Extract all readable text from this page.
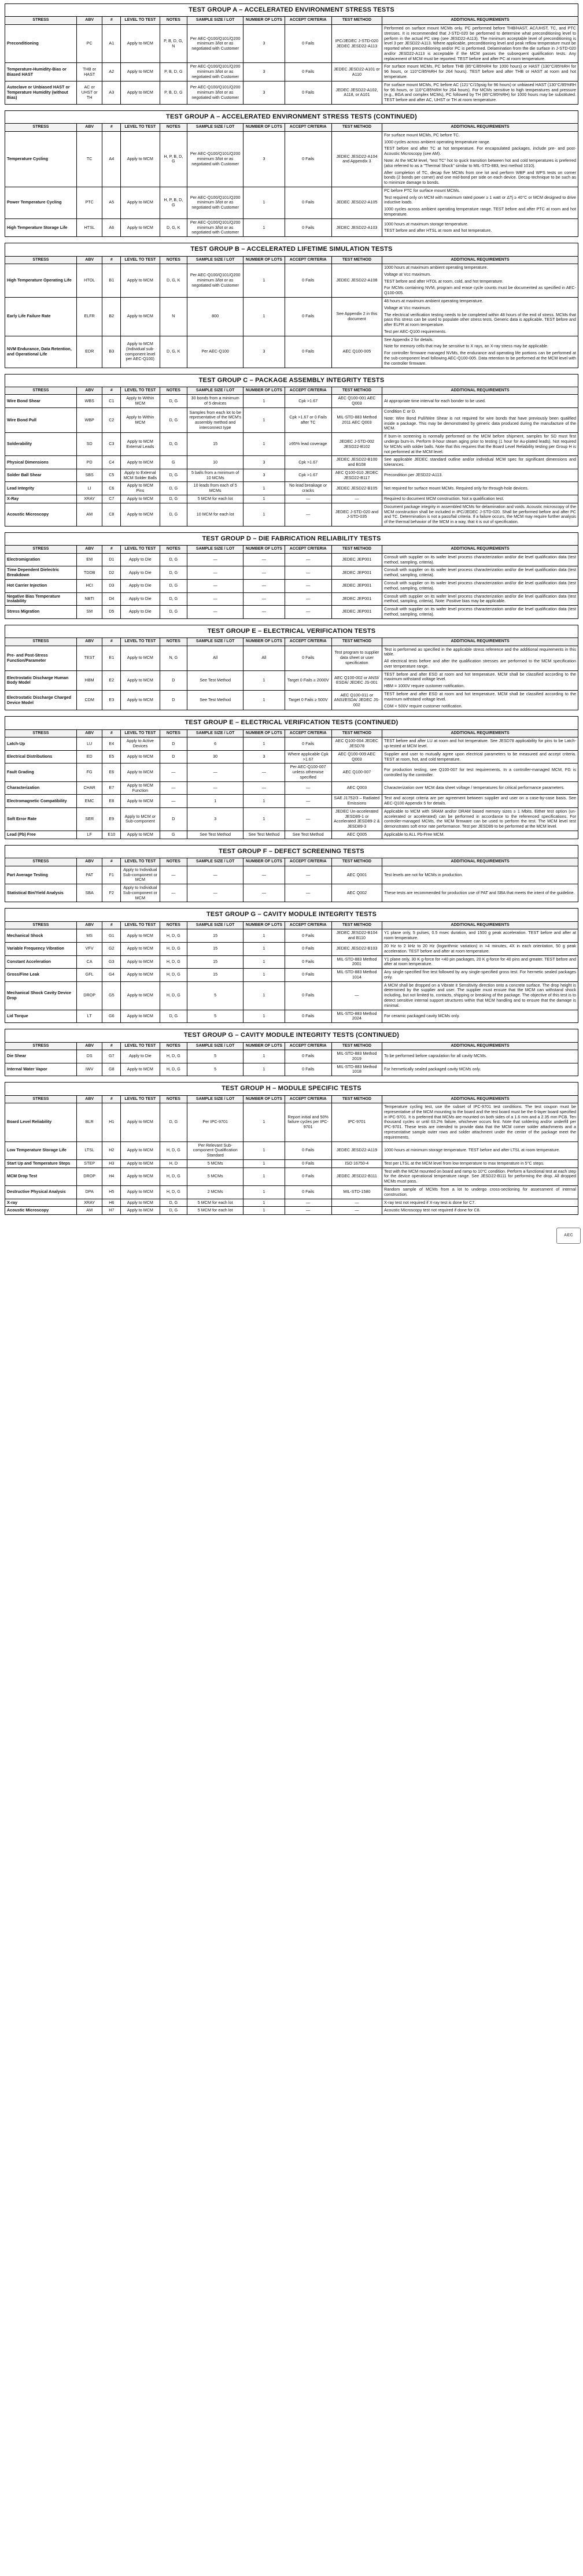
TEST GROUP A – ACCELERATED ENVIRONMENT STRESS TESTS
STRESS	ABV	#	LEVEL TO TEST	NOTES	SAMPLE SIZE / LOT	NUMBER OF LOTS	ACCEPT CRITERIA	TEST METHOD	ADDITIONAL REQUIREMENTS
Preconditioning	PC	A1	Apply to MCM	P, B, D, G, N	Per AEC-Q100/Q101/Q200 minimum 3/lot or as negotiated with Customer	3	0 Fails	IPC/JEDEC J-STD-020 JEDEC JESD22-A113	Performed on surface mount MCMs only. PC performed before THB/HAST, AC/UHST, TC, and PTC stresses. It is recommended that J-STD-020 be performed to determine what preconditioning level to perform in the actual PC step (see JESD22-A113). The minimum acceptable level of preconditioning is level 3 per JESD22-A113. Where applicable, preconditioning level and peak reflow temperature must be reported when preconditioning and/or PC is performed. Delamination from the die surface in J-STD-020 and/or JESD22-A113 is acceptable if the MCM passes the subsequent qualification tests. Any replacement of MCM must be reported. TEST before and after PC at room temperature.

Temperature-Humidity-Bias or Biased HAST	THB or HAST	A2	Apply to MCM	P, B, D, G	Per AEC-Q100/Q101/Q200 minimum 3/lot or as negotiated with Customer	3	0 Fails	JEDEC JESD22-A101 or A110	For surface mount MCMs, PC before THB (85°C/85%RH for 1000 hours) or HAST (130°C/85%RH for 96 hours, or 110°C/85%RH for 264 hours). TEST before and after THB or HAST at room and hot temperature.

Autoclave or Unbiased HAST or Temperature Humidity (without Bias)	AC or UHST or TH	A3	Apply to MCM	P, B, D, G	Per AEC-Q100/Q101/Q200 minimum 3/lot or as negotiated with Customer	3	0 Fails	JEDEC JESD22-A102, A118, or A101	For surface mount MCMs, PC before AC (121°C/15psig for 96 hours) or unbiased HAST (130°C/85%RH for 96 hours, or 110°C/85%RH for 264 hours). For MCMs sensitive to high temperatures and pressure (e.g., BGA and complex MCMs), PC followed by TH (85°C/85%RH) for 1000 hours may be substituted. TEST before and after AC, UHST or TH at room temperature.

TEST GROUP A – ACCELERATED ENVIRONMENT STRESS TESTS (CONTINUED)
STRESS	ABV	#	LEVEL TO TEST	NOTES	SAMPLE SIZE / LOT	NUMBER OF LOTS	ACCEPT CRITERIA	TEST METHOD	ADDITIONAL REQUIREMENTS
Temperature Cycling	TC	A4	Apply to MCM	H, P, B, D, G	Per AEC-Q100/Q101/Q200 minimum 3/lot or as negotiated with Customer	3	0 Fails	JEDEC JESD22-A104 and Appendix 3	For surface mount MCMs, PC before TC.

1000 cycles across ambient operating temperature range.

TEST before and after TC at hot temperature. For encapsulated packages, include pre- and post-Acoustic Microscopy (see AM).

Note: At the MCM level, "test TC" hot to quick transition between hot and cold temperatures is preferred (also referred to as a "Thermal Shock" similar to MIL-STD-883, test method 1010).

After completion of TC, decap five MCMs from one lot and perform WBP and WPS tests on corner bonds (2 bonds per corner) and one mid-bond per side on each device. Decap technique to be such as to minimize damage to bonds.

Power Temperature Cycling	PTC	A5	Apply to MCM	H, P, B, D, G	Per AEC-Q100/Q101/Q200 minimum 3/lot or as negotiated with Customer	1	0 Fails	JEDEC JESD22-A105	PC before PTC for surface mount MCMs.

Test required only on MCM with maximum rated power ≥ 1 watt or ΔTj ≥ 40°C or MCM designed to drive inductive loads.

1000 cycles across ambient operating temperature range. TEST before and after PTC at room and hot temperature.

High Temperature Storage Life	HTSL	A6	Apply to MCM	D, G, K	Per AEC-Q100/Q101/Q200 minimum 3/lot or as negotiated with Customer	1	0 Fails	JEDEC JESD22-A103	1000 hours at maximum storage temperature.

TEST before and after HTSL at room and hot temperature.

TEST GROUP B – ACCELERATED LIFETIME SIMULATION TESTS
STRESS	ABV	#	LEVEL TO TEST	NOTES	SAMPLE SIZE / LOT	NUMBER OF LOTS	ACCEPT CRITERIA	TEST METHOD	ADDITIONAL REQUIREMENTS
High Temperature Operating Life	HTOL	B1	Apply to MCM	D, G, K	Per AEC-Q100/Q101/Q200 minimum 3/lot or as negotiated with Customer	1	0 Fails	JEDEC JESD22-A108	1000 hours at maximum ambient operating temperature.

Voltage at Vcc maximum.

TEST before and after HTOL at room, cold, and hot temperature.

For MCMs containing NVM, program and erase cycle counts must be documented as specified in AEC-Q100-005.

Early Life Failure Rate	ELFR	B2	Apply to MCM	N	800	1	0 Fails	See Appendix 2 in this document	48 hours at maximum ambient operating temperature.

Voltage at Vcc maximum.

The electrical verification testing needs to be completed within 48 hours of the end of stress. MCMs that pass this stress can be used to populate other stress tests. Generic data is applicable. TEST before and after ELFR at room temperature.

Test per AEC-Q100 requirements.

NVM Endurance, Data Retention, and Operational Life	EDR	B3	Apply to MCM (Individual sub-component level per AEC-Q100)	D, G, K	Per AEC-Q100	3	0 Fails	AEC Q100-005	See Appendix 2 for details.

Note for memory cells that may be sensitive to X rays, an X-ray stress may be applicable.

For controller firmware managed NVMs, the endurance and operating life portions can be performed at the sub-component level following AEC-Q100-005. Data retention to be performed at the MCM level with the controller firmware.

TEST GROUP C – PACKAGE ASSEMBLY INTEGRITY TESTS
STRESS	ABV	#	LEVEL TO TEST	NOTES	SAMPLE SIZE / LOT	NUMBER OF LOTS	ACCEPT CRITERIA	TEST METHOD	ADDITIONAL REQUIREMENTS
Wire Bond Shear	WBS	C1	Apply to Within MCM	D, G	30 bonds from a minimum of 5 devices	1	Cpk >1.67	AEC Q100-001 AEC Q003	At appropriate time interval for each bonder to be used.

Wire Bond Pull	WBP	C2	Apply to Within MCM	D, G	Samples from each lot to be representative of the MCM's assembly method and interconnect type	1	Cpk >1.67 or 0 Fails after TC	MIL-STD-883 Method 2011 AEC Q003	Condition C or D.

Note: Wire Bond Pull/Wire Shear is not required for wire bonds that have previously been qualified inside a package. This may be demonstrated by generic data produced during the manufacture of the MCM.

Solderability	SD	C3	Apply to MCM External Leads	D, G	15	1	≥95% lead coverage	JEDEC J-STD-002 JESD22-B102	If burn-in screening is normally performed on the MCM before shipment, samples for SD must first undergo burn-in. Perform 8-hour steam aging prior to testing (1 hour for Au-plated leads). Not required for MCMs with solder balls. Note that this requires that the Board Level Reliability testing per Group H is not performed at the MCM level.

Physical Dimensions	PD	C4	Apply to MCM	G	10	3	Cpk >1.67	JEDEC JESD22-B100 and B108	See applicable JEDEC standard outline and/or individual MCM spec for significant dimensions and tolerances.

Solder Ball Shear	SBS	C5	Apply to External MCM Solder Balls	D, G	5 balls from a minimum of 10 MCMs	3	Cpk >1.67	AEC Q100-010 JEDEC JESD22-B117	Precondition per JESD22-A113.

Lead Integrity	LI	C6	Apply to MCM Pins	D, G	10 leads from each of 5 MCMs	1	No lead breakage or cracks	JEDEC JESD22-B105	Not required for surface mount MCMs. Required only for through-hole devices.

X-Ray	XRAY	C7	Apply to MCM	D, G	5 MCM for each lot	1	—	—	Required to document MCM construction. Not a qualification test.

Acoustic Microscopy	AM	C8	Apply to MCM	D, G	10 MCM for each lot	1	—	JEDEC J-STD-020 and J-STD-035	Document package integrity in assembled MCMs for delamination and voids. Acoustic microscopy of the MCM construction shall be included in IPC/JEDEC J-STD-020. Shall be performed before and after PC and TC. Determination is not a pass/fail criteria. If a failure occurs, the MCM may require further analysis of the thermal behavior of the MCM in a way, that it is out of specification.

TEST GROUP D – DIE FABRICATION RELIABILITY TESTS
STRESS	ABV	#	LEVEL TO TEST	NOTES	SAMPLE SIZE / LOT	NUMBER OF LOTS	ACCEPT CRITERIA	TEST METHOD	ADDITIONAL REQUIREMENTS
Electromigration	EM	D1	Apply to Die	D, G	—	—	—	JEDEC JEP001	Consult with supplier on its wafer level process characterization and/or die level qualification data (test method, sampling, criteria).

Time Dependent Dielectric Breakdown	TDDB	D2	Apply to Die	D, G	—	—	—	JEDEC JEP001	Consult with supplier on its wafer level process characterization and/or die level qualification data (test method, sampling, criteria).

Hot Carrier Injection	HCI	D3	Apply to Die	D, G	—	—	—	JEDEC JEP001	Consult with supplier on its wafer level process characterization and/or die level qualification data (test method, sampling, criteria).

Negative Bias Temperature Instability	NBTI	D4	Apply to Die	D, G	—	—	—	JEDEC JEP001	Consult with supplier on its wafer level process characterization and/or die level qualification data (test method, sampling, criteria). Note: Positive bias may be applicable.

Stress Migration	SM	D5	Apply to Die	D, G	—	—	—	JEDEC JEP001	Consult with supplier on its wafer level process characterization and/or die level qualification data (test method, sampling, criteria).

TEST GROUP E – ELECTRICAL VERIFICATION TESTS
STRESS	ABV	#	LEVEL TO TEST	NOTES	SAMPLE SIZE / LOT	NUMBER OF LOTS	ACCEPT CRITERIA	TEST METHOD	ADDITIONAL REQUIREMENTS
Pre- and Post-Stress Function/Parameter	TEST	E1	Apply to MCM	N, G	All	All	0 Fails	Test program to supplier data sheet or user specification	Test is performed as specified in the applicable stress reference and the additional requirements in this table.

All electrical tests before and after the qualification stresses are performed to the MCM specification over temperature range.

Electrostatic Discharge Human Body Model	HBM	E2	Apply to MCM	D	See Test Method	1	Target 0 Fails ≥ 2000V	AEC Q100-002 or ANSI/ ESDA/ JEDEC JS-001	TEST before and after ESD at room and hot temperature. MCM shall be classified according to the maximum withstand voltage level.

HBM = 1000V require customer notification.

Electrostatic Discharge Charged Device Model	CDM	E3	Apply to MCM	D	See Test Method	1	Target 0 Fails ≥ 500V	AEC Q100-011 or ANSI/ESDA/ JEDEC JS-002	TEST before and after ESD at room and hot temperature. MCM shall be classified according to the maximum withstand voltage level.

CDM < 500V require customer notification.

TEST GROUP E – ELECTRICAL VERIFICATION TESTS (CONTINUED)
STRESS	ABV	#	LEVEL TO TEST	NOTES	SAMPLE SIZE / LOT	NUMBER OF LOTS	ACCEPT CRITERIA	TEST METHOD	ADDITIONAL REQUIREMENTS
Latch-Up	LU	E4	Apply to Active Devices	D	6	1	0 Fails	AEC Q100-004 JEDEC JESD78	TEST before and after LU at room and hot temperature. See JESD78 applicability for pins to be Latch-up tested at MCM level.

Electrical Distributions	ED	E5	Apply to MCM	D	30	3	Where applicable Cpk >1.67	AEC Q100-009 AEC Q003	Supplier and user to mutually agree upon electrical parameters to be measured and accept criteria. TEST at room, hot, and cold temperature.

Fault Grading	FG	E6	Apply to MCM	—	—	—	Per AEC-Q100-007 unless otherwise specified	AEC Q100-007	For production testing, see Q100-007 for test requirements. In a controller-managed MCM, FG is controlled by the controller.

Characterization	CHAR	E7	Apply to MCM Function	—	—	—	—	AEC Q003	Characterization over MCM data sheet voltage / temperatures for critical performance parameters.

Electromagnetic Compatibility	EMC	E8	Apply to MCM	—	1	1	—	SAE J1752/3 – Radiated Emissions	Test and accept criteria are per agreement between supplier and user on a case-by-case basis. See AEC-Q100 Appendix 5 for details.

Soft Error Rate	SER	E9	Apply to MCM or Sub-component	D	3	1	—	JEDEC Un-accelerated JESD89-1 or Accelerated JESD89-2 & JESD89-3	Applicable to MCM with SRAM and/or DRAM based memory sizes ≥ 1 Mbits. Either test option (un-accelerated or accelerated) can be performed in accordance to the referenced specifications. For controller-managed MCMs, the MCM firmware can be used to perform the test. The MCM level test demonstrates soft error rate performance. Test per JESD89 to be performed at the MCM level.

Lead (Pb) Free	LF	E10	Apply to MCM	G	See Test Method	See Test Method	See Test Method	AEC Q005	Applicable to ALL Pb-Free MCM.

TEST GROUP F – DEFECT SCREENING TESTS
STRESS	ABV	#	LEVEL TO TEST	NOTES	SAMPLE SIZE / LOT	NUMBER OF LOTS	ACCEPT CRITERIA	TEST METHOD	ADDITIONAL REQUIREMENTS
Part Average Testing	PAT	F1	Apply to Individual Sub-component or MCM	—	—	—	—	AEC Q001	Test levels are not for MCMs in production.

Statistical Bin/Yield Analysis	SBA	F2	Apply to Individual Sub-component or MCM	—	—	—	—	AEC Q002	These tests are recommended for production use of PAT and SBA that meets the intent of the guideline.

TEST GROUP G – CAVITY MODULE INTEGRITY TESTS
STRESS	ABV	#	LEVEL TO TEST	NOTES	SAMPLE SIZE / LOT	NUMBER OF LOTS	ACCEPT CRITERIA	TEST METHOD	ADDITIONAL REQUIREMENTS
Mechanical Shock	MS	G1	Apply to MCM	H, D, G	15	1	0 Fails	JEDEC JESD22-B104 and B110	Y1 plane only, 5 pulses, 0.5 msec duration, and 1500 g peak acceleration. TEST before and after at room temperature.

Variable Frequency Vibration	VFV	G2	Apply to MCM	H, D, G	15	1	0 Fails	JEDEC JESD22-B103	20 Hz to 2 kHz to 20 Hz (logarithmic variation) in >4 minutes, 4X in each orientation, 50 g peak acceleration. TEST before and after at room temperature.

Constant Acceleration	CA	G3	Apply to MCM	H, D, G	15	1	0 Fails	MIL-STD-883 Method 2001	Y1 plane only, 30 K g-force for <40 pin packages, 20 K g-force for 40 pins and greater. TEST before and after at room temperature.

Gross/Fine Leak	GFL	G4	Apply to MCM	H, D, G	15	1	0 Fails	MIL-STD-883 Method 1014	Any single-specified fine test followed by any single-specified gross test. For hermetic sealed packages only.

Mechanical Shock Cavity Device Drop	DROP	G5	Apply to MCM	H, D, G	5	1	0 Fails	—	A MCM shall be dropped on a Vibrate it Sensitivity direction onto a concrete surface. The drop height is determined by the supplier and user. The supplier must ensure that the MCM can withstand shock including, but not limited to, contacts, shipping or breaking of the package. The objective of this test is to detect sensitive internal support structures within that MCM handling and to ensure that the damage is minimal.

Lid Torque	LT	G6	Apply to MCM	D, G	5	1	0 Fails	MIL-STD-883 Method 2024	For ceramic packaged cavity MCMs only.

TEST GROUP G – CAVITY MODULE INTEGRITY TESTS (CONTINUED)
STRESS	ABV	#	LEVEL TO TEST	NOTES	SAMPLE SIZE / LOT	NUMBER OF LOTS	ACCEPT CRITERIA	TEST METHOD	ADDITIONAL REQUIREMENTS
Die Shear	DS	G7	Apply to Die	H, D, G	5	1	0 Fails	MIL-STD-883 Method 2019	To be performed before capsulation for all cavity MCMs.

Internal Water Vapor	IWV	G8	Apply to MCM	H, D, G	5	1	0 Fails	MIL-STD-883 Method 1018	For hermetically sealed packaged cavity MCMs only.

TEST GROUP H – MODULE SPECIFIC TESTS
STRESS	ABV	#	LEVEL TO TEST	NOTES	SAMPLE SIZE / LOT	NUMBER OF LOTS	ACCEPT CRITERIA	TEST METHOD	ADDITIONAL REQUIREMENTS
Board Level Reliability	BLR	H1	Apply to MCM	D, G	Per IPC-9701	1	Report initial and 50% failure cycles per IPC-9701	IPC-9701	Temperature cycling test, use the subset of IPC-9701 test conditions. The test coupon must be representative of the MCM mounting to the board and the test board must be the 6-layer board specified in IPC-9701. It is preferred that MCMs are mounted on both sides of a 1.6 mm and a 2.35 mm PCB. Ten thousand cycles or until 63.2% failure, whichever occurs first. Note that soldering and/or underfill per IPC-9701. These tests are intended to provide data that the MCM corner solder attachments and a representative sample outer rows and solder attachment under the center of the package meet the requirements.

Low Temperature Storage Life	LTSL	H2	Apply to MCM	H, D, G	Per Relevant Sub-component Qualification Standard	1	0 Fails	JEDEC JESD22-A119	1000 hours at minimum storage temperature. TEST before and after LTSL at room temperature.

Start Up and Temperature Steps	STEP	H3	Apply to MCM	H, D	5 MCMs	1	0 Fails	ISO 16750-4	Test per LTSL at the MCM level from low temperature to max temperature in 5°C steps.

MCM Drop Test	DROP	H4	Apply to MCM	H, D, G	5 MCMs	1	0 Fails	JEDEC JESD22-B111	Test with the MCM mounted on board and ramp to 10°C condition. Perform a functional test at each step for the device operational temperature range. See JESD22-B111 for performing the drop. All dropped MCMs must pass.

Destructive Physical Analysis	DPA	H5	Apply to MCM	H, D, G	2 MCMs	1	0 Fails	MIL-STD-1580	Random sample of MCMs from a lot to undergo cross-sectioning for assessment of internal construction.

X-ray	XRAY	H6	Apply to MCM	D, G	5 MCM for each lot	1	—	—	X-ray test not required if X-ray test is done for C7.

Acoustic Microscopy	AM	H7	Apply to MCM	D, G	5 MCM for each lot	1	—	—	Acoustic Microscopy test not required if done for C8.

AEC
